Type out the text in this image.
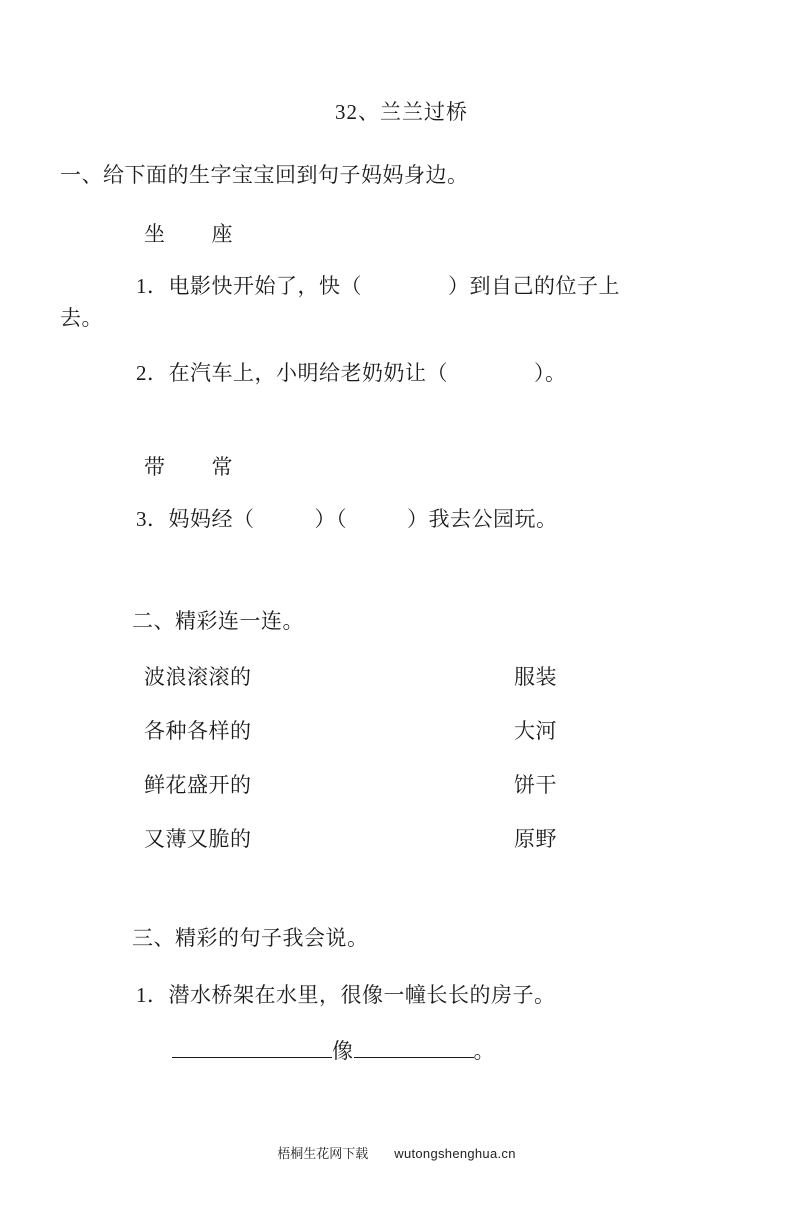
32、兰兰过桥
一、给下面的生字宝宝回到句子妈妈身边。
坐 座
1．电影快开始了，快（	）到自己的位子上
去。
2．在汽车上，小明给老奶奶让（	）。
带 常
3．妈妈经（	）（	）我去公园玩。
二、精彩连一连。
波浪滚滚的	服装
各种各样的	大河
鲜花盛开的	饼干
又薄又脆的	原野
三、精彩的句子我会说。
1．潜水桥架在水里，很像一幢长长的房子。
像	。
梧桐生花网下载 wutongshenghua.cn
